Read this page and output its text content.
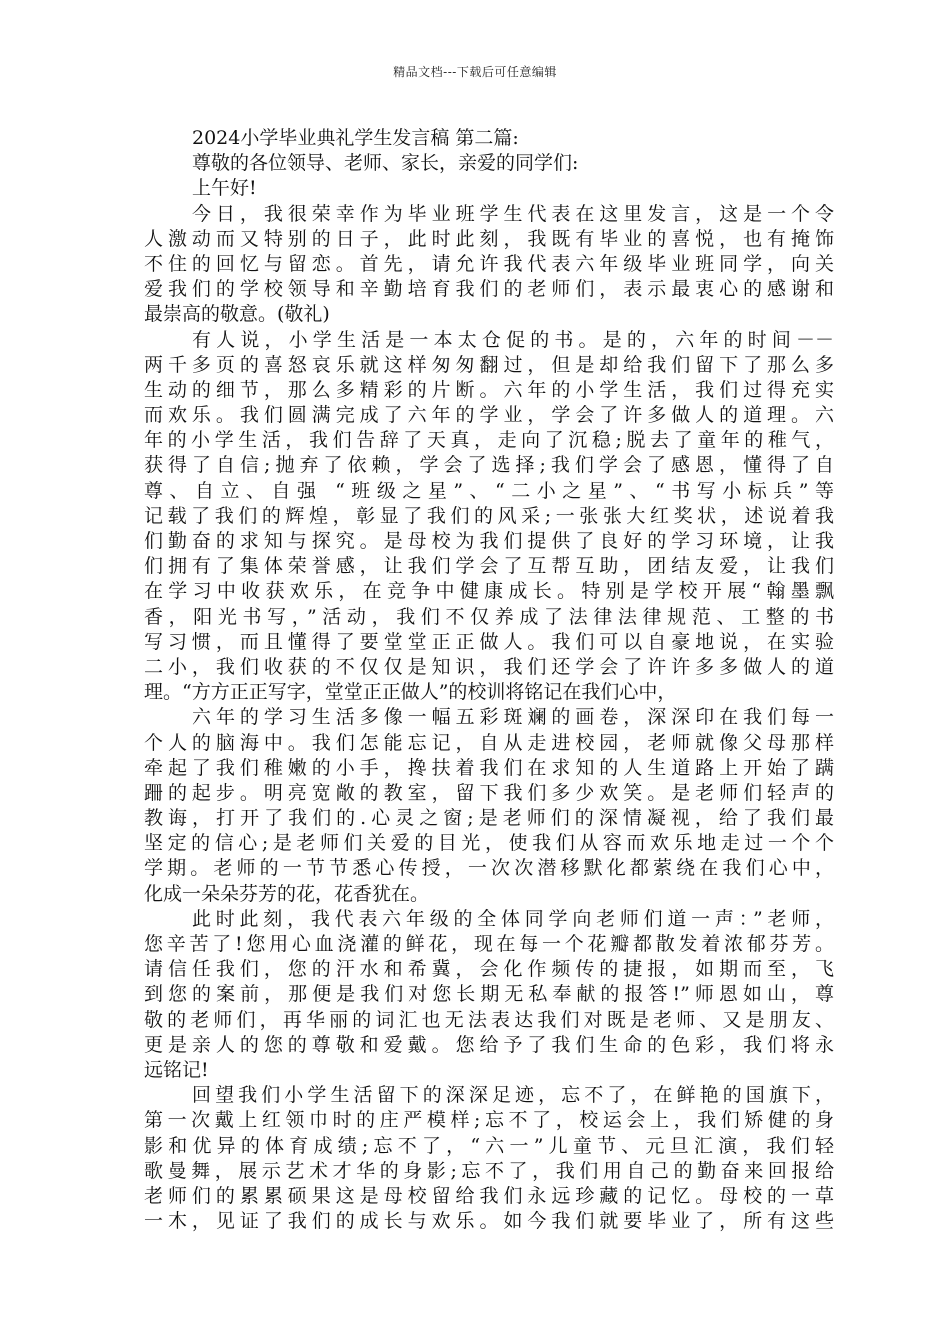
精品文档---下载后可任意编辑
2024小学毕业典礼学生发言稿 第二篇:
尊敬的各位领导、老师、家长，亲爱的同学们:
上午好!
今日，我很荣幸作为毕业班学生代表在这里发言，这是一个令
人激动而又特别的日子，此时此刻，我既有毕业的喜悦，也有掩饰
不住的回忆与留恋。首先，请允许我代表六年级毕业班同学，向关
爱我们的学校领导和辛勤培育我们的老师们，表示最衷心的感谢和
最崇高的敬意。(敬礼)
有人说，小学生活是一本太仓促的书。是的，六年的时间－－
两千多页的喜怒哀乐就这样匆匆翻过，但是却给我们留下了那么多
生动的细节，那么多精彩的片断。六年的小学生活，我们过得充实
而欢乐。我们圆满完成了六年的学业，学会了许多做人的道理。六
年的小学生活，我们告辞了天真，走向了沉稳;脱去了童年的稚气，
获得了自信;抛弃了依赖，学会了选择;我们学会了感恩，懂得了自
尊、自立、自强 “班级之星”、“二小之星”、“书写小标兵”等
记载了我们的辉煌，彰显了我们的风采;一张张大红奖状，述说着我
们勤奋的求知与探究。是母校为我们提供了良好的学习环境，让我
们拥有了集体荣誉感，让我们学会了互帮互助，团结友爱，让我们
在学习中收获欢乐，在竞争中健康成长。特别是学校开展“翰墨飘
香，阳光书写，”活动，我们不仅养成了法律法律规范、工整的书
写习惯，而且懂得了要堂堂正正做人。我们可以自豪地说，在实验
二小，我们收获的不仅仅是知识，我们还学会了许许多多做人的道
理。“方方正正写字，堂堂正正做人”的校训将铭记在我们心中，
六年的学习生活多像一幅五彩斑斓的画卷，深深印在我们每一
个人的脑海中。我们怎能忘记，自从走进校园，老师就像父母那样
牵起了我们稚嫩的小手，搀扶着我们在求知的人生道路上开始了蹒
跚的起步。明亮宽敞的教室，留下我们多少欢笑。是老师们轻声的
教诲，打开了我们的.心灵之窗;是老师们的深情凝视，给了我们最
坚定的信心;是老师们关爱的目光，使我们从容而欢乐地走过一个个
学期。老师的一节节悉心传授，一次次潜移默化都萦绕在我们心中，
化成一朵朵芬芳的花，花香犹在。
此时此刻，我代表六年级的全体同学向老师们道一声：”老师，
您辛苦了!您用心血浇灌的鲜花，现在每一个花瓣都散发着浓郁芬芳。
请信任我们，您的汗水和希冀，会化作频传的捷报，如期而至，飞
到您的案前，那便是我们对您长期无私奉献的报答!”师恩如山，尊
敬的老师们，再华丽的词汇也无法表达我们对既是老师、又是朋友、
更是亲人的您的尊敬和爱戴。您给予了我们生命的色彩，我们将永
远铭记!
回望我们小学生活留下的深深足迹，忘不了，在鲜艳的国旗下，
第一次戴上红领巾时的庄严模样;忘不了，校运会上，我们矫健的身
影和优异的体育成绩;忘不了，“六一”儿童节、元旦汇演，我们轻
歌曼舞，展示艺术才华的身影;忘不了，我们用自己的勤奋来回报给
老师们的累累硕果这是母校留给我们永远珍藏的记忆。母校的一草
一木，见证了我们的成长与欢乐。如今我们就要毕业了，所有这些
